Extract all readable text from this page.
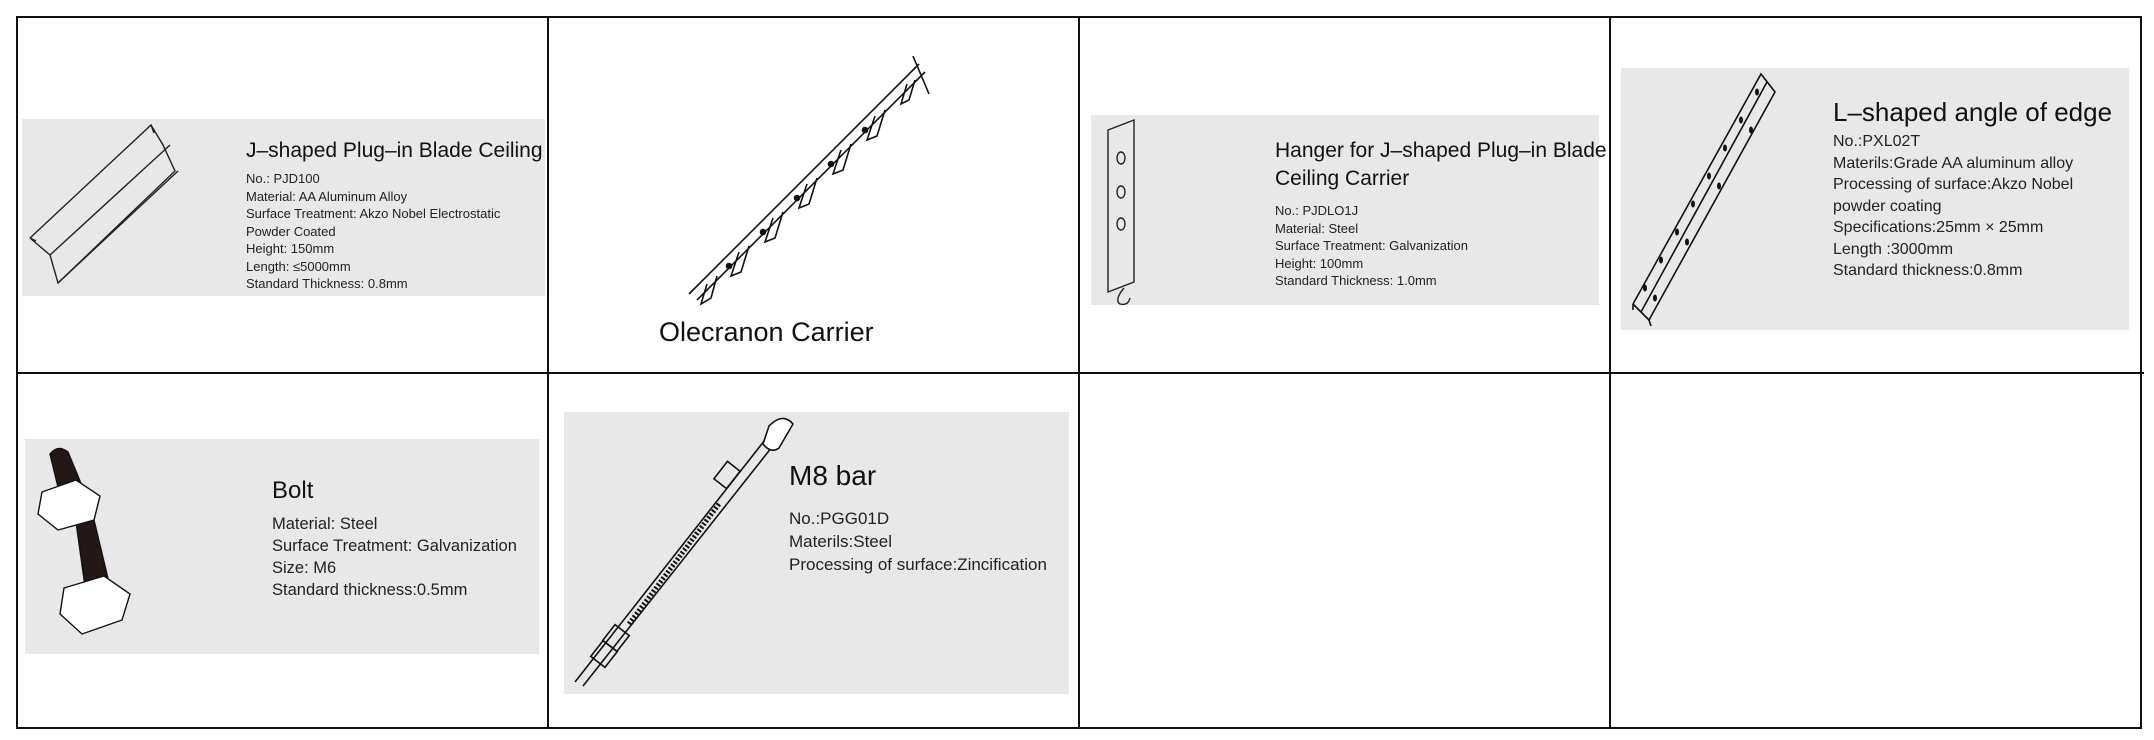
J–shaped Plug–in Blade Ceiling
No.: PJD100
Material: AA Aluminum Alloy
Surface Treatment: Akzo Nobel Electrostatic
Powder Coated
Height: 150mm
Length: ≤5000mm
Standard Thickness: 0.8mm
Olecranon Carrier
Hanger for J–shaped Plug–in Blade
Ceiling Carrier
No.: PJDLO1J
Material: Steel
Surface Treatment: Galvanization
Height: 100mm
Standard Thickness: 1.0mm
L–shaped angle of edge
No.:PXL02T
Materils:Grade AA aluminum alloy
Processing of surface:Akzo Nobel
powder coating
Specifications:25mm × 25mm
Length :3000mm
Standard thickness:0.8mm
Bolt
Material: Steel
Surface Treatment: Galvanization
Size: M6
Standard thickness:0.5mm
M8 bar
No.:PGG01D
Materils:Steel
Processing of surface:Zincification
